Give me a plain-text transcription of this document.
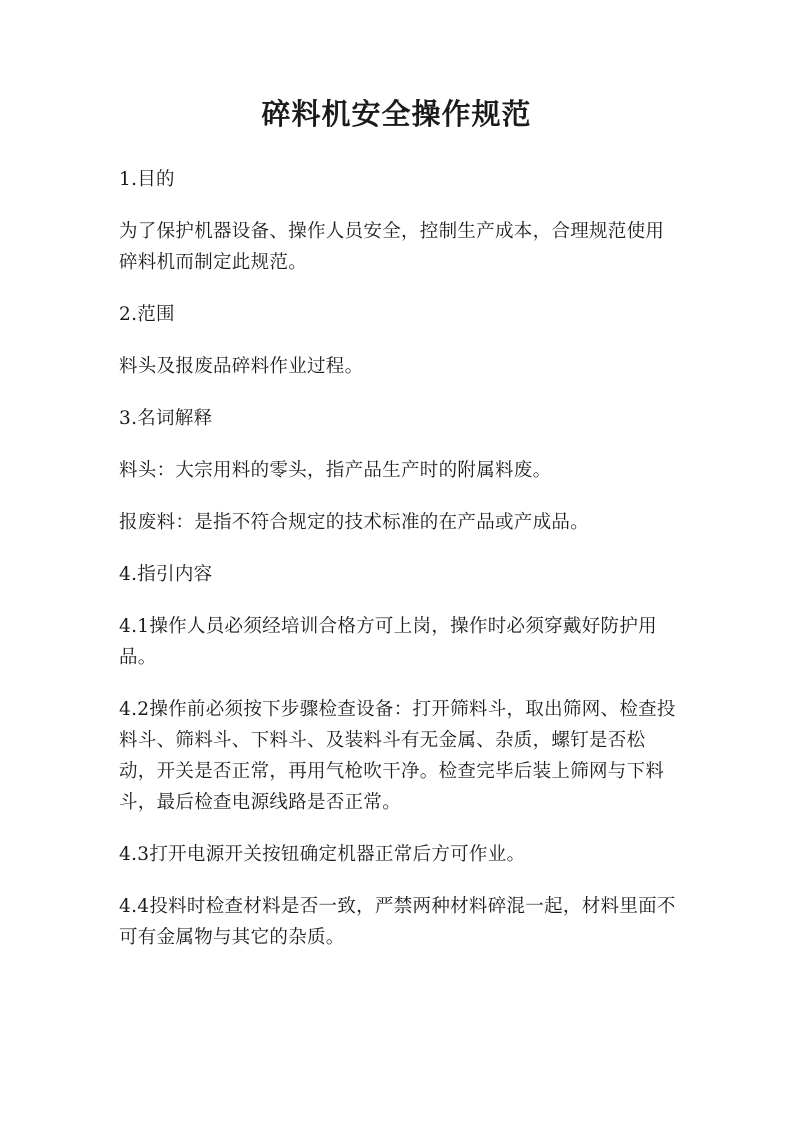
碎料机安全操作规范

1.目的

为了保护机器设备、操作人员安全，控制生产成本，合理规范使用碎料机而制定此规范。

2.范围

料头及报废品碎料作业过程。

3.名词解释

料头：大宗用料的零头，指产品生产时的附属料废。

报废料：是指不符合规定的技术标准的在产品或产成品。

4.指引内容

4.1操作人员必须经培训合格方可上岗，操作时必须穿戴好防护用品。

4.2操作前必须按下步骤检查设备：打开筛料斗，取出筛网、检查投料斗、筛料斗、下料斗、及装料斗有无金属、杂质，螺钉是否松动，开关是否正常，再用气枪吹干净。检查完毕后装上筛网与下料斗，最后检查电源线路是否正常。

4.3打开电源开关按钮确定机器正常后方可作业。

4.4投料时检查材料是否一致，严禁两种材料碎混一起，材料里面不可有金属物与其它的杂质。
